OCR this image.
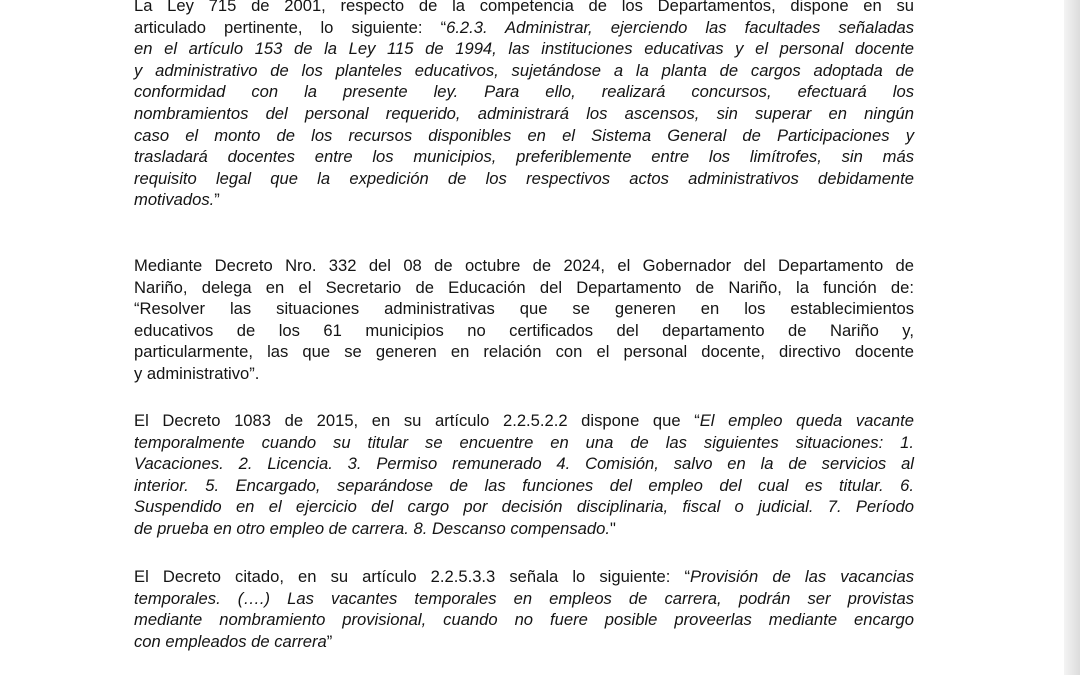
La Ley 715 de 2001, respecto de la competencia de los Departamentos, dispone en su
articulado pertinente, lo siguiente: “6.2.3. Administrar, ejerciendo las facultades señaladas
en el artículo 153 de la Ley 115 de 1994, las instituciones educativas y el personal docente
y administrativo de los planteles educativos, sujetándose a la planta de cargos adoptada de
conformidad con la presente ley. Para ello, realizará concursos, efectuará los
nombramientos del personal requerido, administrará los ascensos, sin superar en ningún
caso el monto de los recursos disponibles en el Sistema General de Participaciones y
trasladará docentes entre los municipios, preferiblemente entre los limítrofes, sin más
requisito legal que la expedición de los respectivos actos administrativos debidamente
motivados.”

Mediante Decreto Nro. 332 del 08 de octubre de 2024, el Gobernador del Departamento de
Nariño, delega en el Secretario de Educación del Departamento de Nariño, la función de:
“Resolver las situaciones administrativas que se generen en los establecimientos
educativos de los 61 municipios no certificados del departamento de Nariño y,
particularmente, las que se generen en relación con el personal docente, directivo docente
y administrativo”.

El Decreto 1083 de 2015, en su artículo 2.2.5.2.2 dispone que “El empleo queda vacante
temporalmente cuando su titular se encuentre en una de las siguientes situaciones: 1.
Vacaciones. 2. Licencia. 3. Permiso remunerado 4. Comisión, salvo en la de servicios al
interior. 5. Encargado, separándose de las funciones del empleo del cual es titular. 6.
Suspendido en el ejercicio del cargo por decisión disciplinaria, fiscal o judicial. 7. Período
de prueba en otro empleo de carrera. 8. Descanso compensado."

El Decreto citado, en su artículo 2.2.5.3.3 señala lo siguiente: “Provisión de las vacancias
temporales. (….) Las vacantes temporales en empleos de carrera, podrán ser provistas
mediante nombramiento provisional, cuando no fuere posible proveerlas mediante encargo
con empleados de carrera”
